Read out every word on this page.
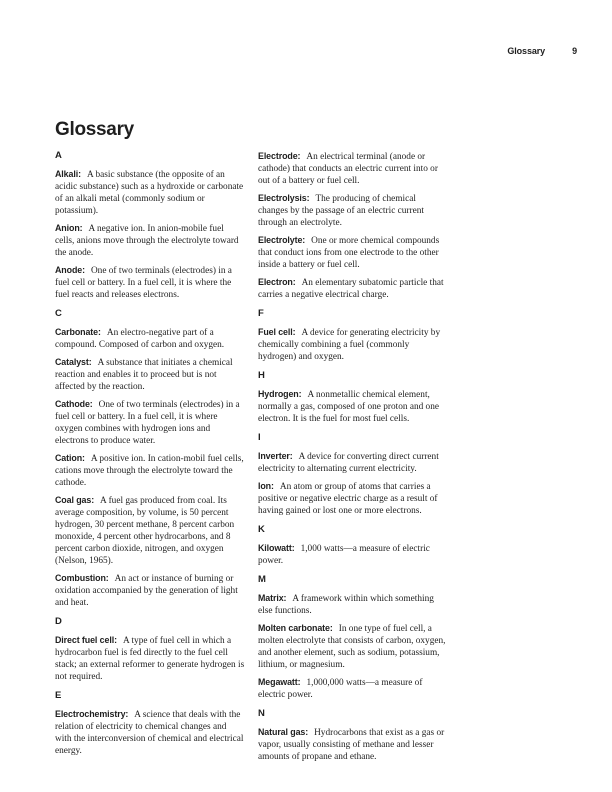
Glossary	9
Glossary
A

Alkali: A basic substance (the opposite of an acidic substance) such as a hydroxide or carbonate of an alkali metal (commonly sodium or potassium).

Anion: A negative ion. In anion-mobile fuel cells, anions move through the electrolyte toward the anode.

Anode: One of two terminals (electrodes) in a fuel cell or battery. In a fuel cell, it is where the fuel reacts and releases electrons.

C

Carbonate: An electro-negative part of a compound. Composed of carbon and oxygen.

Catalyst: A substance that initiates a chemical reaction and enables it to proceed but is not affected by the reaction.

Cathode: One of two terminals (electrodes) in a fuel cell or battery. In a fuel cell, it is where oxygen combines with hydrogen ions and electrons to produce water.

Cation: A positive ion. In cation-mobil fuel cells, cations move through the electrolyte toward the cathode.

Coal gas: A fuel gas produced from coal. Its average composition, by volume, is 50 percent hydrogen, 30 percent methane, 8 percent carbon monoxide, 4 percent other hydrocarbons, and 8 percent carbon dioxide, nitrogen, and oxygen (Nelson, 1965).

Combustion: An act or instance of burning or oxidation accompanied by the generation of light and heat.

D

Direct fuel cell: A type of fuel cell in which a hydrocarbon fuel is fed directly to the fuel cell stack; an external reformer to generate hydrogen is not required.

E

Electrochemistry: A science that deals with the relation of electricity to chemical changes and with the interconversion of chemical and electrical energy.

Electrode: An electrical terminal (anode or cathode) that conducts an electric current into or out of a battery or fuel cell.

Electrolysis: The producing of chemical changes by the passage of an electric current through an electrolyte.

Electrolyte: One or more chemical compounds that conduct ions from one electrode to the other inside a battery or fuel cell.

Electron: An elementary subatomic particle that carries a negative electrical charge.

F

Fuel cell: A device for generating electricity by chemically combining a fuel (commonly hydrogen) and oxygen.

H

Hydrogen: A nonmetallic chemical element, normally a gas, composed of one proton and one electron. It is the fuel for most fuel cells.

I

Inverter: A device for converting direct current electricity to alternating current electricity.

Ion: An atom or group of atoms that carries a positive or negative electric charge as a result of having gained or lost one or more electrons.

K

Kilowatt: 1,000 watts—a measure of electric power.

M

Matrix: A framework within which something else functions.

Molten carbonate: In one type of fuel cell, a molten electrolyte that consists of carbon, oxygen, and another element, such as sodium, potassium, lithium, or magnesium.

Megawatt: 1,000,000 watts—a measure of electric power.

N

Natural gas: Hydrocarbons that exist as a gas or vapor, usually consisting of methane and lesser amounts of propane and ethane.
